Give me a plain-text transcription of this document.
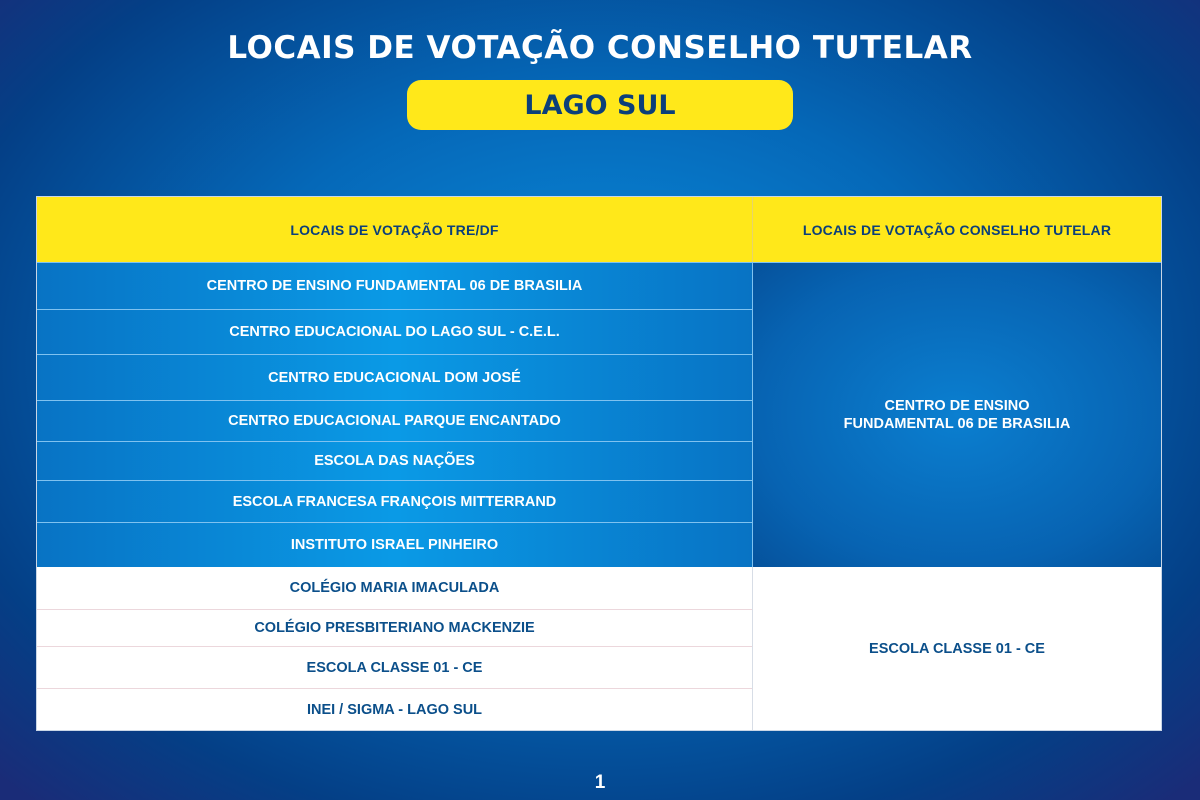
LOCAIS DE VOTAÇÃO CONSELHO TUTELAR
LAGO SUL
LOCAIS DE VOTAÇÃO TRE/DF	LOCAIS DE VOTAÇÃO CONSELHO TUTELAR
CENTRO DE ENSINO FUNDAMENTAL 06 DE BRASILIA
CENTRO EDUCACIONAL DO LAGO SUL - C.E.L.
CENTRO EDUCACIONAL DOM JOSÉ
CENTRO EDUCACIONAL PARQUE ENCANTADO
ESCOLA DAS NAÇÕES
ESCOLA FRANCESA FRANÇOIS MITTERRAND
INSTITUTO ISRAEL PINHEIRO
CENTRO DE ENSINO
FUNDAMENTAL 06 DE BRASILIA
COLÉGIO MARIA IMACULADA
COLÉGIO PRESBITERIANO MACKENZIE
ESCOLA CLASSE 01 - CE
INEI / SIGMA - LAGO SUL
ESCOLA CLASSE 01 - CE
1
